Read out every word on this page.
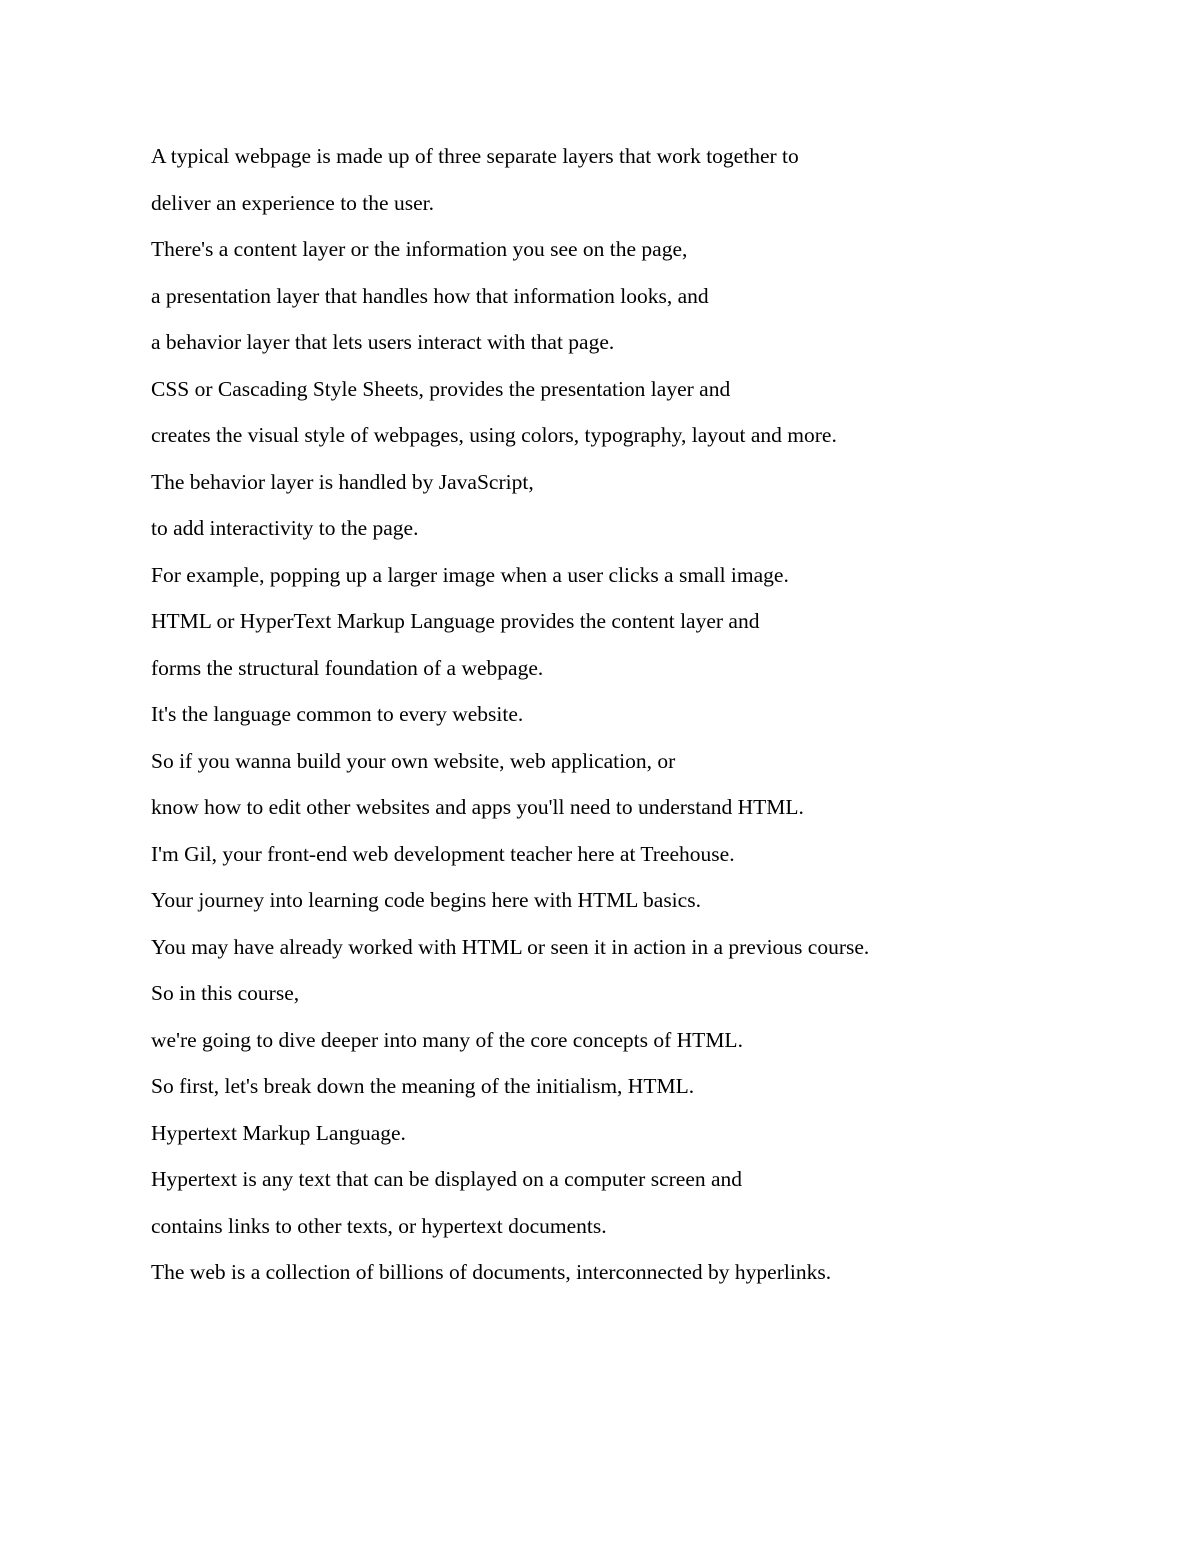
A typical webpage is made up of three separate layers that work together to

deliver an experience to the user.

There's a content layer or the information you see on the page,

a presentation layer that handles how that information looks, and

a behavior layer that lets users interact with that page.

CSS or Cascading Style Sheets, provides the presentation layer and

creates the visual style of webpages, using colors, typography, layout and more.

The behavior layer is handled by JavaScript,

to add interactivity to the page.

For example, popping up a larger image when a user clicks a small image.

HTML or HyperText Markup Language provides the content layer and

forms the structural foundation of a webpage.

It's the language common to every website.

So if you wanna build your own website, web application, or

know how to edit other websites and apps you'll need to understand HTML.

I'm Gil, your front-end web development teacher here at Treehouse.

Your journey into learning code begins here with HTML basics.

You may have already worked with HTML or seen it in action in a previous course.

So in this course,

we're going to dive deeper into many of the core concepts of HTML.

So first, let's break down the meaning of the initialism, HTML.

Hypertext Markup Language.

Hypertext is any text that can be displayed on a computer screen and

contains links to other texts, or hypertext documents.

The web is a collection of billions of documents, interconnected by hyperlinks.
